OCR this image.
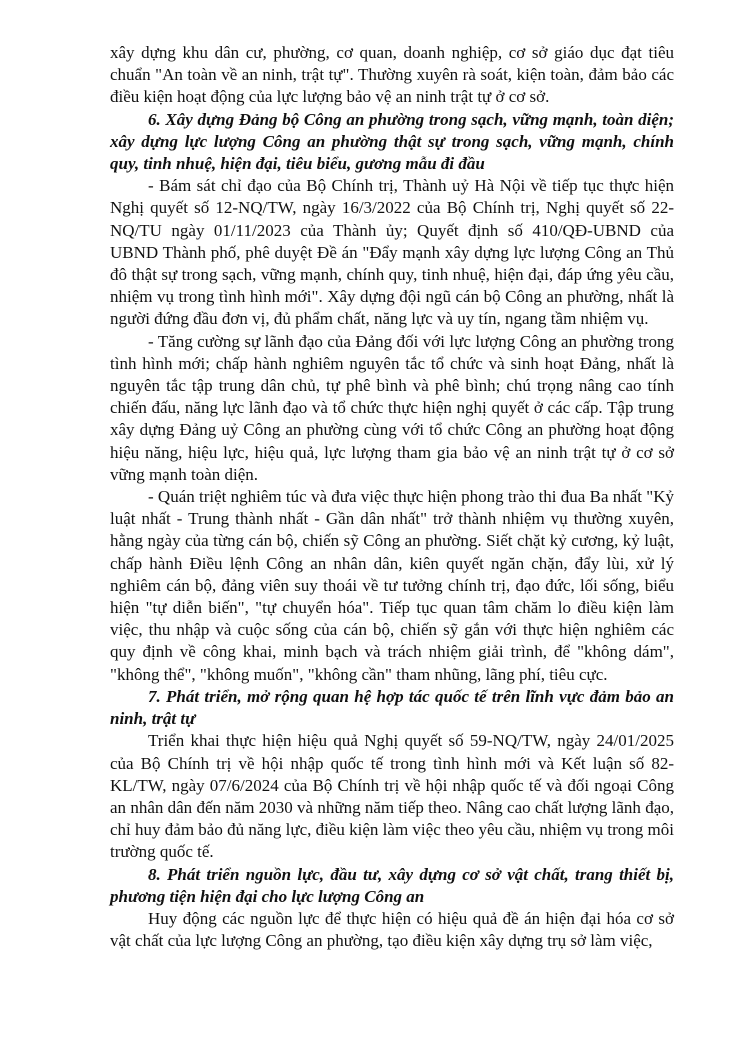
xây dựng khu dân cư, phường, cơ quan, doanh nghiệp, cơ sở giáo dục đạt tiêu chuẩn "An toàn về an ninh, trật tự". Thường xuyên rà soát, kiện toàn, đảm bảo các điều kiện hoạt động của lực lượng bảo vệ an ninh trật tự ở cơ sở.

6. Xây dựng Đảng bộ Công an phường trong sạch, vững mạnh, toàn diện; xây dựng lực lượng Công an phường thật sự trong sạch, vững mạnh, chính quy, tinh nhuệ, hiện đại, tiêu biểu, gương mẫu đi đầu

- Bám sát chỉ đạo của Bộ Chính trị, Thành uỷ Hà Nội về tiếp tục thực hiện Nghị quyết số 12-NQ/TW, ngày 16/3/2022 của Bộ Chính trị, Nghị quyết số 22-NQ/TU ngày 01/11/2023 của Thành ủy; Quyết định số 410/QĐ-UBND của UBND Thành phố, phê duyệt Đề án "Đẩy mạnh xây dựng lực lượng Công an Thủ đô thật sự trong sạch, vững mạnh, chính quy, tinh nhuệ, hiện đại, đáp ứng yêu cầu, nhiệm vụ trong tình hình mới". Xây dựng đội ngũ cán bộ Công an phường, nhất là người đứng đầu đơn vị, đủ phẩm chất, năng lực và uy tín, ngang tầm nhiệm vụ.

- Tăng cường sự lãnh đạo của Đảng đối với lực lượng Công an phường trong tình hình mới; chấp hành nghiêm nguyên tắc tổ chức và sinh hoạt Đảng, nhất là nguyên tắc tập trung dân chủ, tự phê bình và phê bình; chú trọng nâng cao tính chiến đấu, năng lực lãnh đạo và tổ chức thực hiện nghị quyết ở các cấp. Tập trung xây dựng Đảng uỷ Công an phường cùng với tổ chức Công an phường hoạt động hiệu năng, hiệu lực, hiệu quả, lực lượng tham gia bảo vệ an ninh trật tự ở cơ sở vững mạnh toàn diện.

- Quán triệt nghiêm túc và đưa việc thực hiện phong trào thi đua Ba nhất "Kỷ luật nhất - Trung thành nhất - Gần dân nhất" trở thành nhiệm vụ thường xuyên, hằng ngày của từng cán bộ, chiến sỹ Công an phường. Siết chặt kỷ cương, kỷ luật, chấp hành Điều lệnh Công an nhân dân, kiên quyết ngăn chặn, đẩy lùi, xử lý nghiêm cán bộ, đảng viên suy thoái về tư tưởng chính trị, đạo đức, lối sống, biểu hiện "tự diễn biến", "tự chuyển hóa". Tiếp tục quan tâm chăm lo điều kiện làm việc, thu nhập và cuộc sống của cán bộ, chiến sỹ gắn với thực hiện nghiêm các quy định về công khai, minh bạch và trách nhiệm giải trình, để "không dám", "không thể", "không muốn", "không cần" tham nhũng, lãng phí, tiêu cực.

7. Phát triển, mở rộng quan hệ hợp tác quốc tế trên lĩnh vực đảm bảo an ninh, trật tự

Triển khai thực hiện hiệu quả Nghị quyết số 59-NQ/TW, ngày 24/01/2025 của Bộ Chính trị về hội nhập quốc tế trong tình hình mới và Kết luận số 82-KL/TW, ngày 07/6/2024 của Bộ Chính trị về hội nhập quốc tế và đối ngoại Công an nhân dân đến năm 2030 và những năm tiếp theo. Nâng cao chất lượng lãnh đạo, chỉ huy đảm bảo đủ năng lực, điều kiện làm việc theo yêu cầu, nhiệm vụ trong môi trường quốc tế.

8. Phát triển nguồn lực, đầu tư, xây dựng cơ sở vật chất, trang thiết bị, phương tiện hiện đại cho lực lượng Công an

Huy động các nguồn lực để thực hiện có hiệu quả đề án hiện đại hóa cơ sở vật chất của lực lượng Công an phường, tạo điều kiện xây dựng trụ sở làm việc,
